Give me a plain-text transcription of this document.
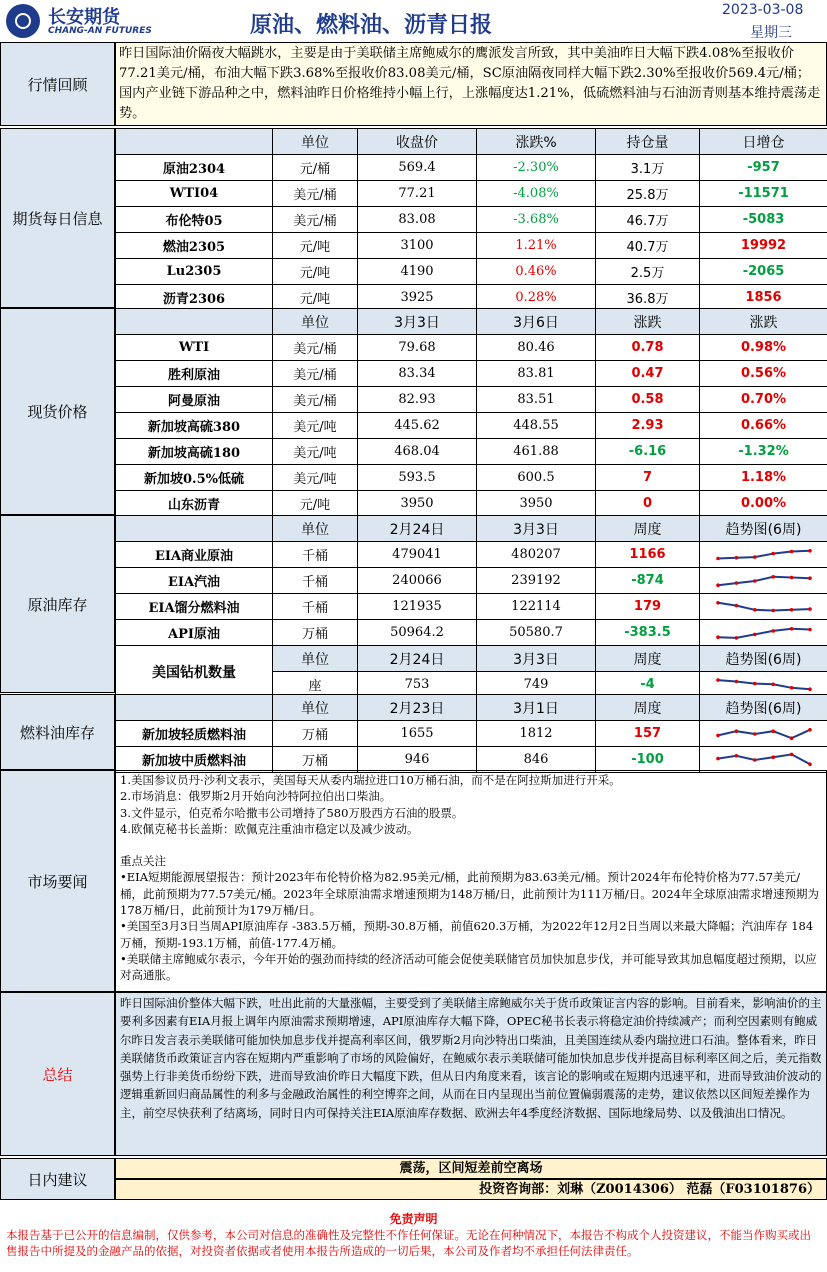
长安期货
CHANG-AN FUTURES	原油、燃料油、沥青日报
2023-03-08
星期三
行情回顾
昨日国际油价隔夜大幅跳水，主要是由于美联储主席鲍威尔的鹰派发言所致，其中美油昨日大幅下跌4.08%至报收价77.21美元/桶，布油大幅下跌3.68%至报收价83.08美元/桶，SC原油隔夜同样大幅下跌2.30%至报收价569.4元/桶；国内产业链下游品种之中，燃料油昨日价格维持小幅上行，上涨幅度达1.21%，低硫燃料油与石油沥青则基本维持震荡走势。
期货每日信息
	单位	收盘价	涨跌%	持仓量	日增仓
原油2304	元/桶	569.4	-2.30%	3.1万	-957
WTI04	美元/桶	77.21	-4.08%	25.8万	-11571
布伦特05	美元/桶	83.08	-3.68%	46.7万	-5083
燃油2305	元/吨	3100	1.21%	40.7万	19992
Lu2305	元/吨	4190	0.46%	2.5万	-2065
沥青2306	元/吨	3925	0.28%	36.8万	1856
现货价格
	单位	3月3日	3月6日	涨跌	涨跌
WTI	美元/桶	79.68	80.46	0.78	0.98%
胜利原油	美元/桶	83.34	83.81	0.47	0.56%
阿曼原油	美元/桶	82.93	83.51	0.58	0.70%
新加坡高硫380	美元/吨	445.62	448.55	2.93	0.66%
新加坡高硫180	美元/吨	468.04	461.88	-6.16	-1.32%
新加坡0.5%低硫	美元/吨	593.5	600.5	7	1.18%
山东沥青	元/吨	3950	3950	0	0.00%
原油库存
	单位	2月24日	3月3日	周度	趋势图(6周)
EIA商业原油	千桶	479041	480207	1166	

EIA汽油	千桶	240066	239192	-874	

EIA馏分燃料油	千桶	121935	122114	179	

API原油	万桶	50964.2	50580.7	-383.5	

美国钻机数量	单位	2月24日	3月3日	周度	趋势图(6周)
	座	753	749	-4	
燃料油库存
	单位	2月23日	3月1日	周度	趋势图(6周)
新加坡轻质燃料油	万桶	1655	1812	157	

新加坡中质燃料油	万桶	946	846	-100	
市场要闻
1.美国参议员丹·沙利文表示，美国每天从委内瑞拉进口10万桶石油，而不是在阿拉斯加进行开采。
2.市场消息：俄罗斯2月开始向沙特阿拉伯出口柴油。
3.文件显示，伯克希尔哈撒韦公司增持了580万股西方石油的股票。
4.欧佩克秘书长盖斯：欧佩克注重油市稳定以及减少波动。
重点关注
•EIA短期能源展望报告：预计2023年布伦特价格为82.95美元/桶，此前预期为83.63美元/桶。预计2024年布伦特价格为77.57美元/桶，此前预期为77.57美元/桶。2023年全球原油需求增速预期为148万桶/日，此前预计为111万桶/日。2024年全球原油需求增速预期为178万桶/日，此前预计为179万桶/日。
•美国至3月3日当周API原油库存 -383.5万桶，预期-30.8万桶，前值620.3万桶，为2022年12月2日当周以来最大降幅；汽油库存 184万桶，预期-193.1万桶，前值-177.4万桶。
•美联储主席鲍威尔表示，今年开始的强劲而持续的经济活动可能会促使美联储官员加快加息步伐，并可能导致其加息幅度超过预期，以应对高通胀。
总结
昨日国际油价整体大幅下跌，吐出此前的大量涨幅，主要受到了美联储主席鲍威尔关于货币政策证言内容的影响。目前看来，影响油价的主要利多因素有EIA月报上调年内原油需求预期增速，API原油库存大幅下降，OPEC秘书长表示将稳定油价持续减产；而利空因素则有鲍威尔昨日发言表示美联储可能加快加息步伐并提高利率区间，俄罗斯2月向沙特出口柴油，且美国连续从委内瑞拉进口石油。整体看来，昨日美联储货币政策证言内容在短期内严重影响了市场的风险偏好，在鲍威尔表示美联储可能加快加息步伐并提高目标利率区间之后，美元指数强势上行非美货币纷纷下跌，进而导致油价昨日大幅度下跌，但从日内角度来看，该言论的影响或在短期内迅速平和，进而导致油价波动的逻辑重新回归商品属性的利多与金融政治属性的利空博弈之间，从而在日内呈现出当前位置偏弱震荡的走势，建议依然以区间短差操作为主，前空尽快获利了结离场，同时日内可保持关注EIA原油库存数据、欧洲去年4季度经济数据、国际地缘局势、以及俄油出口情况。
日内建议
震荡，区间短差前空离场
投资咨询部：刘琳（Z0014306） 范磊（F03101876）
免责声明
本报告基于已公开的信息编制，仅供参考，本公司对信息的准确性及完整性不作任何保证。无论在何种情况下，本报告不构成个人投资建议，不能当作购买或出售报告中所提及的金融产品的依据，对投资者依据或者使用本报告所造成的一切后果，本公司及作者均不承担任何法律责任。
